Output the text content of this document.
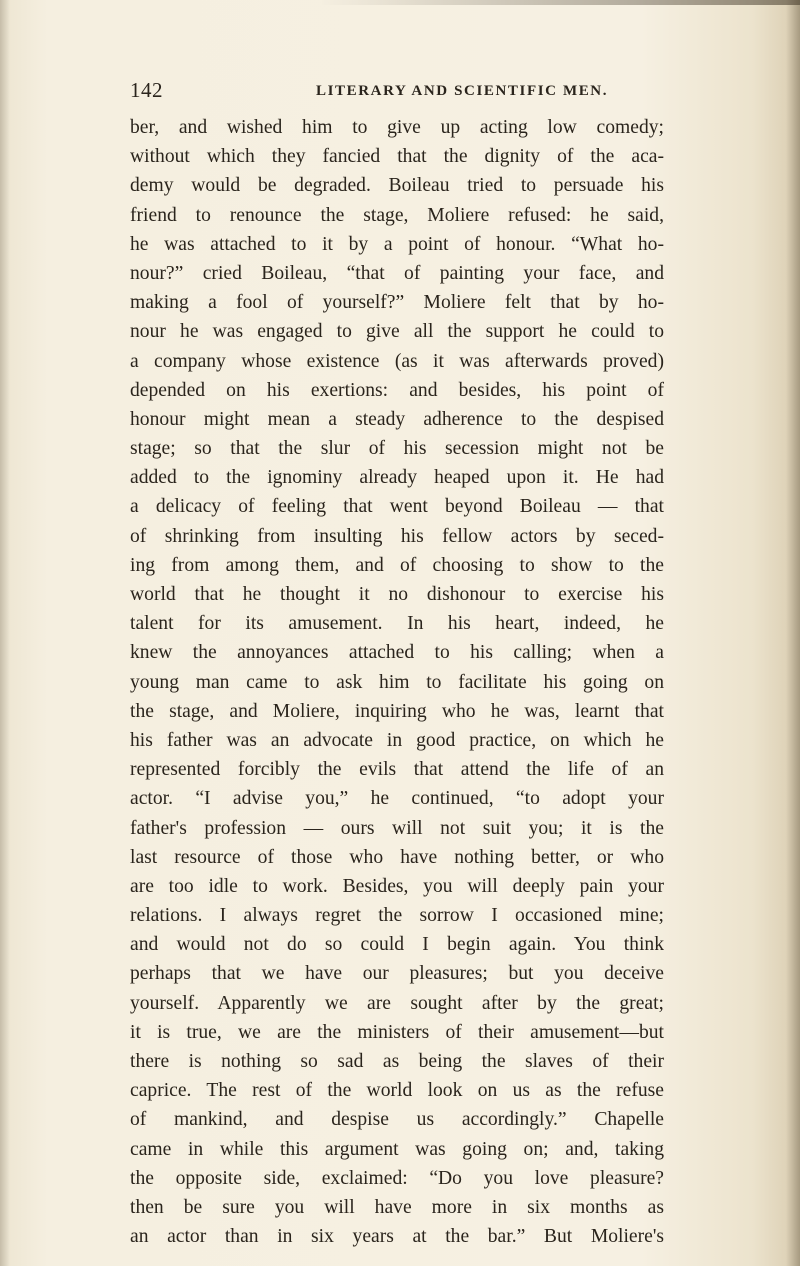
142	LITERARY AND SCIENTIFIC MEN.
ber, and wished him to give up acting low comedy;
without which they fancied that the dignity of the aca-
demy would be degraded. Boileau tried to persuade his
friend to renounce the stage, Moliere refused: he said,
he was attached to it by a point of honour. “What ho-
nour?” cried Boileau, “that of painting your face, and
making a fool of yourself?” Moliere felt that by ho-
nour he was engaged to give all the support he could to
a company whose existence (as it was afterwards proved)
depended on his exertions: and besides, his point of
honour might mean a steady adherence to the despised
stage; so that the slur of his secession might not be
added to the ignominy already heaped upon it. He had
a delicacy of feeling that went beyond Boileau — that
of shrinking from insulting his fellow actors by seced-
ing from among them, and of choosing to show to the
world that he thought it no dishonour to exercise his
talent for its amusement. In his heart, indeed, he
knew the annoyances attached to his calling; when a
young man came to ask him to facilitate his going on
the stage, and Moliere, inquiring who he was, learnt that
his father was an advocate in good practice, on which he
represented forcibly the evils that attend the life of an
actor. “I advise you,” he continued, “to adopt your
father's profession — ours will not suit you; it is the
last resource of those who have nothing better, or who
are too idle to work. Besides, you will deeply pain your
relations. I always regret the sorrow I occasioned mine;
and would not do so could I begin again. You think
perhaps that we have our pleasures; but you deceive
yourself. Apparently we are sought after by the great;
it is true, we are the ministers of their amusement—but
there is nothing so sad as being the slaves of their
caprice. The rest of the world look on us as the refuse
of mankind, and despise us accordingly.” Chapelle
came in while this argument was going on; and, taking
the opposite side, exclaimed: “Do you love pleasure?
then be sure you will have more in six months as
an actor than in six years at the bar.” But Moliere's
